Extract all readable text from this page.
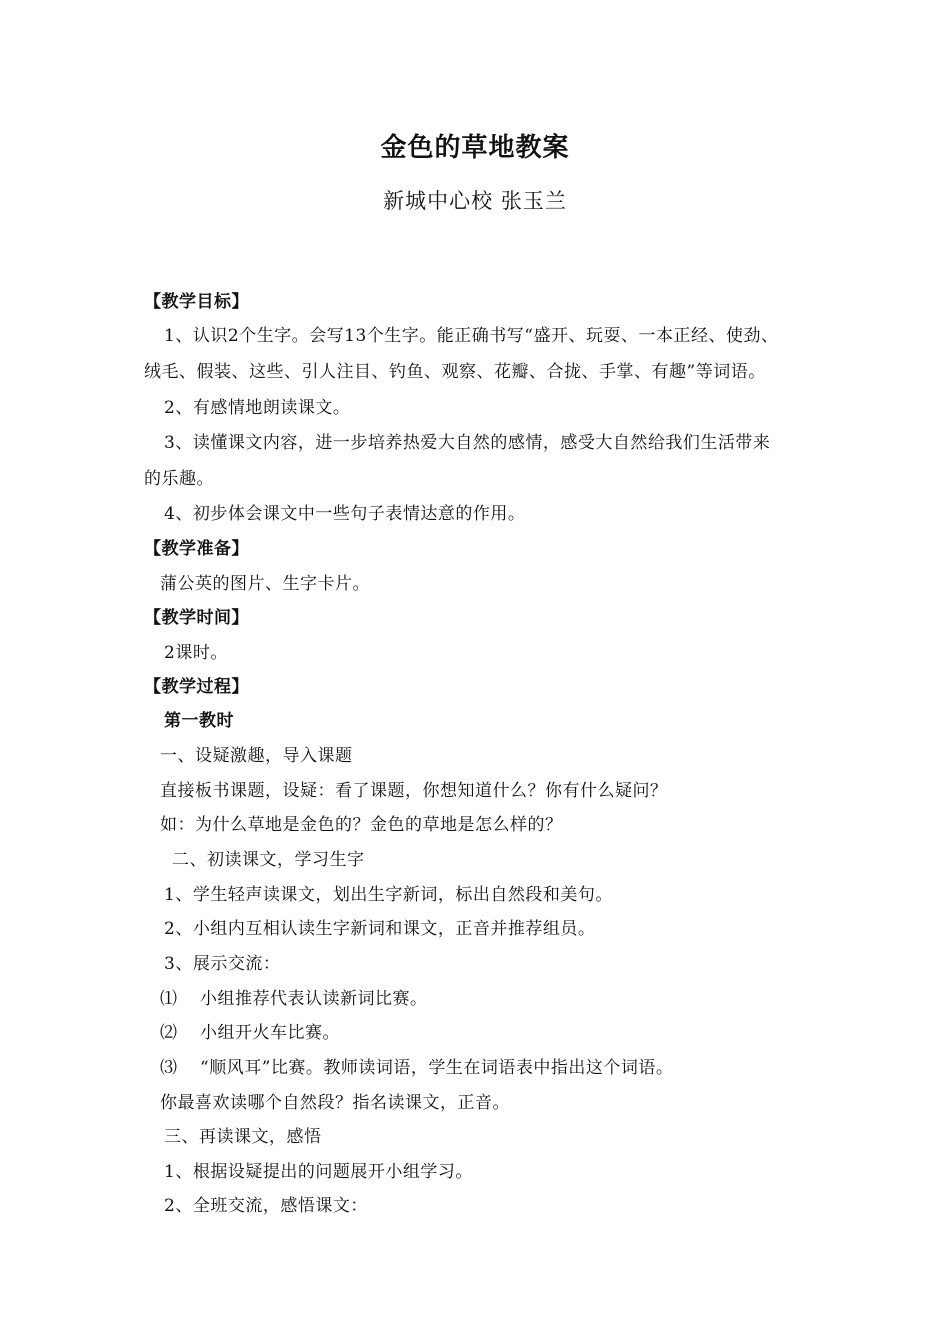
金色的草地教案
新城中心校 张玉兰
【教学目标】
1、认识2个生字。会写13个生字。能正确书写“盛开、玩耍、一本正经、使劲、
绒毛、假装、这些、引人注目、钓鱼、观察、花瓣、合拢、手掌、有趣”等词语。
2、有感情地朗读课文。
3、读懂课文内容，进一步培养热爱大自然的感情，感受大自然给我们生活带来
的乐趣。
4、初步体会课文中一些句子表情达意的作用。
【教学准备】
蒲公英的图片、生字卡片。
【教学时间】
2课时。
【教学过程】
第一教时
一、设疑激趣，导入课题
直接板书课题，设疑：看了课题，你想知道什么？你有什么疑问？
如：为什么草地是金色的？金色的草地是怎么样的？
二、初读课文，学习生字
1、学生轻声读课文，划出生字新词，标出自然段和美句。
2、小组内互相认读生字新词和课文，正音并推荐组员。
3、展示交流：
⑴ 小组推荐代表认读新词比赛。
⑵ 小组开火车比赛。
⑶ “顺风耳”比赛。教师读词语，学生在词语表中指出这个词语。
你最喜欢读哪个自然段？指名读课文，正音。
三、再读课文，感悟
1、根据设疑提出的问题展开小组学习。
2、全班交流，感悟课文：
